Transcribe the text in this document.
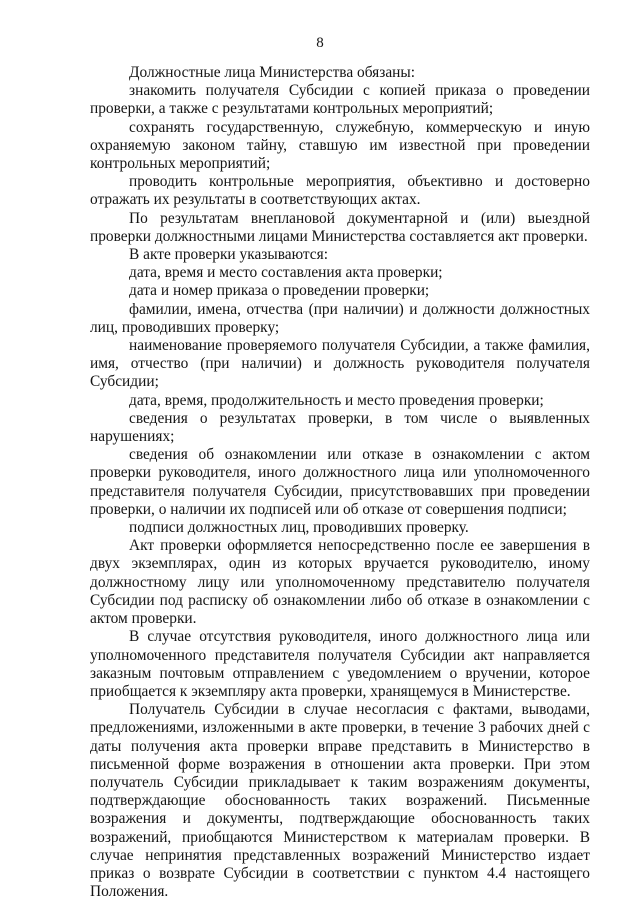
8

Должностные лица Министерства обязаны:

знакомить получателя Субсидии с копией приказа о проведении проверки, а также с результатами контрольных мероприятий;

сохранять государственную, служебную, коммерческую и иную охраняемую законом тайну, ставшую им известной при проведении контрольных мероприятий;

проводить контрольные мероприятия, объективно и достоверно отражать их результаты в соответствующих актах.

По результатам внеплановой документарной и (или) выездной проверки должностными лицами Министерства составляется акт проверки.

В акте проверки указываются:

дата, время и место составления акта проверки;

дата и номер приказа о проведении проверки;

фамилии, имена, отчества (при наличии) и должности должностных лиц, проводивших проверку;

наименование проверяемого получателя Субсидии, а также фамилия, имя, отчество (при наличии) и должность руководителя получателя Субсидии;

дата, время, продолжительность и место проведения проверки;

сведения о результатах проверки, в том числе о выявленных нарушениях;

сведения об ознакомлении или отказе в ознакомлении с актом проверки руководителя, иного должностного лица или уполномоченного представителя получателя Субсидии, присутствовавших при проведении проверки, о наличии их подписей или об отказе от совершения подписи;

подписи должностных лиц, проводивших проверку.

Акт проверки оформляется непосредственно после ее завершения в двух экземплярах, один из которых вручается руководителю, иному должностному лицу или уполномоченному представителю получателя Субсидии под расписку об ознакомлении либо об отказе в ознакомлении с актом проверки.

В случае отсутствия руководителя, иного должностного лица или уполномоченного представителя получателя Субсидии акт направляется заказным почтовым отправлением с уведомлением о вручении, которое приобщается к экземпляру акта проверки, хранящемуся в Министерстве.

Получатель Субсидии в случае несогласия с фактами, выводами, предложениями, изложенными в акте проверки, в течение 3 рабочих дней с даты получения акта проверки вправе представить в Министерство в письменной форме возражения в отношении акта проверки. При этом получатель Субсидии прикладывает к таким возражениям документы, подтверждающие обоснованность таких возражений. Письменные возражения и документы, подтверждающие обоснованность таких возражений, приобщаются Министерством к материалам проверки. В случае непринятия представленных возражений Министерство издает приказ о возврате Субсидии в соответствии с пунктом 4.4 настоящего Положения.
